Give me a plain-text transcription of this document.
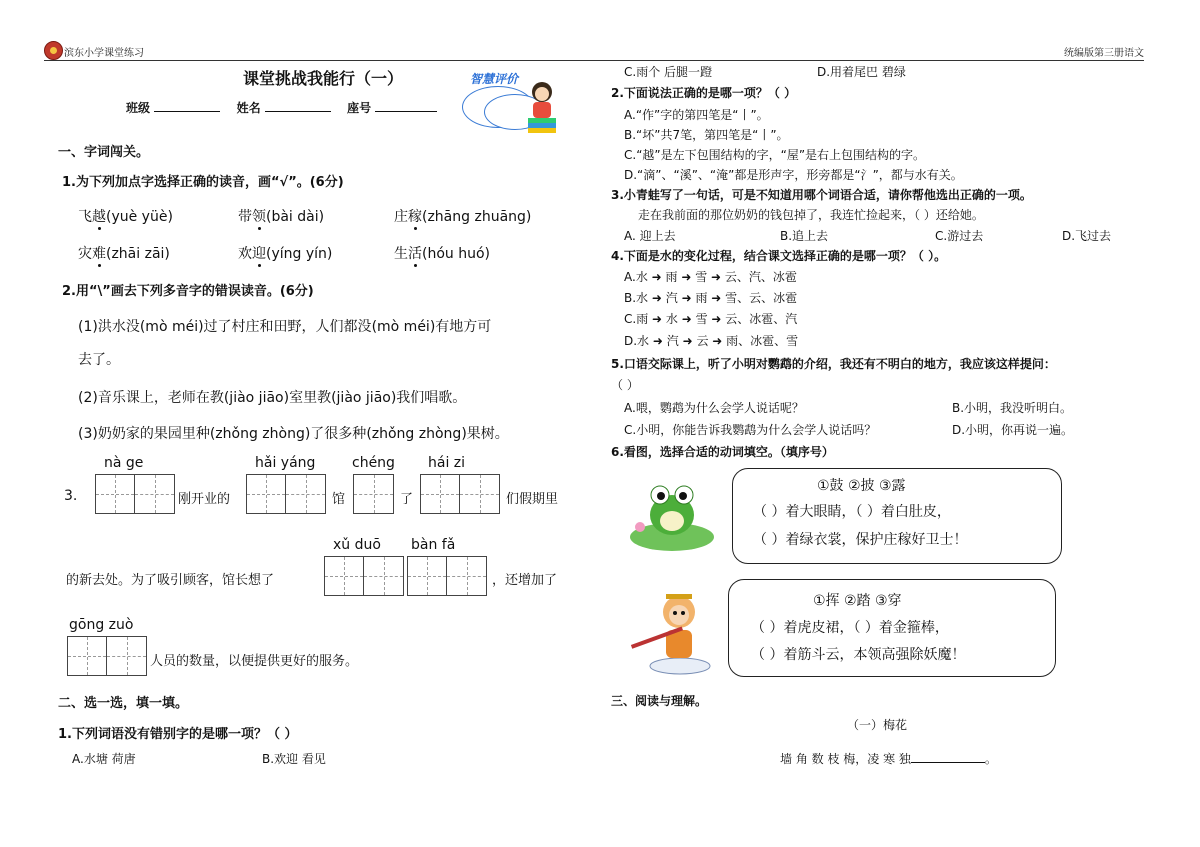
滨东小学课堂练习	统编版第三册语文
课堂挑战我能行（一）
班级	姓名	座号
智慧评价
一、字词闯关。
1.为下列加点字选择正确的读音，画“√”。(6分)
飞越(yuè yüè)	带领(bài dài)	庄稼(zhāng zhuāng)
灾难(zhāi zāi)	欢迎(yíng yín)	生活(hóu huó)
2.用“\”画去下列多音字的错误读音。(6分)
(1)洪水没(mò méi)过了村庄和田野，人们都没(mò méi)有地方可
去了。
(2)音乐课上，老师在教(jiào jiāo)室里教(jiào jiāo)我们唱歌。
(3)奶奶家的果园里种(zhǒng zhòng)了很多种(zhǒng zhòng)果树。
nà ge	hǎi yáng	chéng hái zi
3.	刚开业的	馆	了	们假期里
xǔ duō bàn fǎ
的新去处。为了吸引顾客，馆长想了	，还增加了
gōng zuò
人员的数量，以便提供更好的服务。
二、选一选，填一填。
1.下列词语没有错别字的是哪一项？（ ）
A.水塘 荷唐	B.欢迎 看见
C.雨个 后腿一蹬	D.用着尾巴 碧绿
2.下面说法正确的是哪一项？（ ）
A.“作”字的第四笔是“丨”。
B.“坏”共7笔，第四笔是“丨”。
C.“越”是左下包围结构的字，“屋”是右上包围结构的字。
D.“滴”、“溪”、“淹”都是形声字，形旁都是“氵”，都与水有关。
3.小青蛙写了一句话，可是不知道用哪个词语合适，请你帮他选出正确的一项。
走在我前面的那位奶奶的钱包掉了，我连忙捡起来，（ ）还给她。
A. 迎上去	B.追上去	C.游过去	D.飞过去
4.下面是水的变化过程，结合课文选择正确的是哪一项？（ ）。
A.水 ➜ 雨 ➜ 雪 ➜ 云、汽、冰雹
B.水 ➜ 汽 ➜ 雨 ➜ 雪、云、冰雹
C.雨 ➜ 水 ➜ 雪 ➜ 云、冰雹、汽
D.水 ➜ 汽 ➜ 云 ➜ 雨、冰雹、雪
5.口语交际课上，听了小明对鹦鹉的介绍，我还有不明白的地方，我应该这样提问：
（ ）
A.喂，鹦鹉为什么会学人说话呢？	B.小明，我没听明白。
C.小明，你能告诉我鹦鹉为什么会学人说话吗？	D.小明，你再说一遍。
6.看图，选择合适的动词填空。（填序号）
①鼓 ②披 ③露
（ ）着大眼睛，（ ）着白肚皮，
（ ）着绿衣裳，保护庄稼好卫士！
①挥 ②踏 ③穿
（ ）着虎皮裙，（ ）着金箍棒，
（ ）着筋斗云，本领高强除妖魔！
三、阅读与理解。
（一）梅花
墙 角 数 枝 梅，凌 寒 独	。
